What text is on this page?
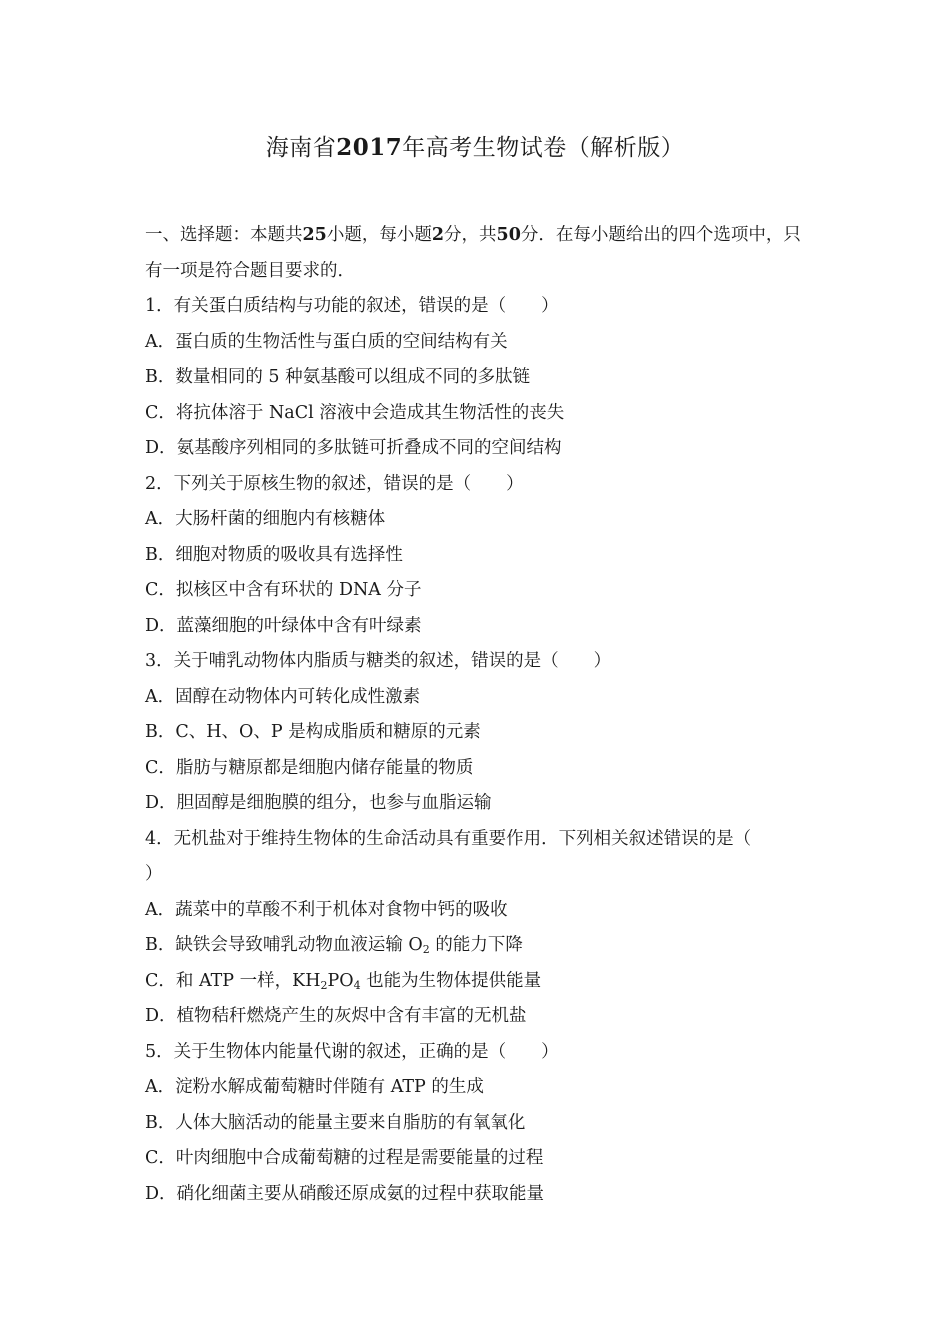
海南省2017年高考生物试卷（解析版）
一、选择题：本题共25小题，每小题2分，共50分．在每小题给出的四个选项中，只有一项是符合题目要求的．
1．有关蛋白质结构与功能的叙述，错误的是（　　）
A．蛋白质的生物活性与蛋白质的空间结构有关
B．数量相同的 5 种氨基酸可以组成不同的多肽链
C．将抗体溶于 NaCl 溶液中会造成其生物活性的丧失
D．氨基酸序列相同的多肽链可折叠成不同的空间结构
2．下列关于原核生物的叙述，错误的是（　　）
A．大肠杆菌的细胞内有核糖体
B．细胞对物质的吸收具有选择性
C．拟核区中含有环状的 DNA 分子
D．蓝藻细胞的叶绿体中含有叶绿素
3．关于哺乳动物体内脂质与糖类的叙述，错误的是（　　）
A．固醇在动物体内可转化成性激素
B．C、H、O、P 是构成脂质和糖原的元素
C．脂肪与糖原都是细胞内储存能量的物质
D．胆固醇是细胞膜的组分，也参与血脂运输
4．无机盐对于维持生物体的生命活动具有重要作用．下列相关叙述错误的是（
）
A．蔬菜中的草酸不利于机体对食物中钙的吸收
B．缺铁会导致哺乳动物血液运输 $O_2$ 的能力下降
C．和 ATP 一样，$KH_2PO_4$ 也能为生物体提供能量
D．植物秸秆燃烧产生的灰烬中含有丰富的无机盐
5．关于生物体内能量代谢的叙述，正确的是（　　）
A．淀粉水解成葡萄糖时伴随有 ATP 的生成
B．人体大脑活动的能量主要来自脂肪的有氧氧化
C．叶肉细胞中合成葡萄糖的过程是需要能量的过程
D．硝化细菌主要从硝酸还原成氨的过程中获取能量
